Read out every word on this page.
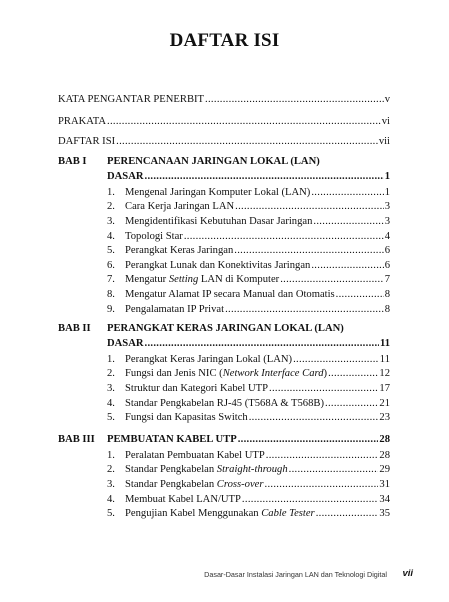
DAFTAR ISI
KATA PENGANTAR PENERBIT .....	v
PRAKATA .....	vi
DAFTAR ISI .....	vii
BAB I PERENCANAAN JARINGAN LOKAL (LAN)
DASAR .....	1
1. Mengenal Jaringan Komputer Lokal (LAN) .....	1
2. Cara Kerja Jaringan LAN .....	3
3. Mengidentifikasi Kebutuhan Dasar Jaringan .....	3
4. Topologi Star .....	4
5. Perangkat Keras Jaringan .....	6
6. Perangkat Lunak dan Konektivitas Jaringan .....	6
7. Mengatur Setting LAN di Komputer .....	7
8. Mengatur Alamat IP secara Manual dan Otomatis .....	8
9. Pengalamatan IP Privat .....	8
BAB II PERANGKAT KERAS JARINGAN LOKAL (LAN)
DASAR .....	11
1. Perangkat Keras Jaringan Lokal (LAN) .....	11
2. Fungsi dan Jenis NIC (Network Interface Card) .....	12
3. Struktur dan Kategori Kabel UTP .....	17
4. Standar Pengkabelan RJ-45 (T568A & T568B) .....	21
5. Fungsi dan Kapasitas Switch .....	23
BAB III PEMBUATAN KABEL UTP .....	28
1. Peralatan Pembuatan Kabel UTP .....	28
2. Standar Pengkabelan Straight-through .....	29
3. Standar Pengkabelan Cross-over .....	31
4. Membuat Kabel LAN/UTP .....	34
5. Pengujian Kabel Menggunakan Cable Tester .....	35
Dasar-Dasar Instalasi Jaringan LAN dan Teknologi Digital vii
